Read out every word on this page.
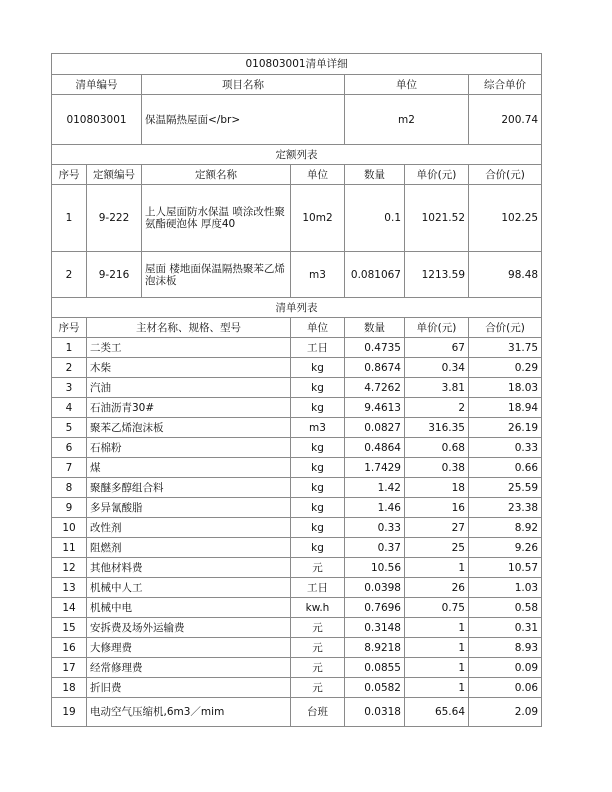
010803001清单详细						
清单编号		项目名称		单位		综合单价
010803001		保温隔热屋面</br>		m2		200.74
定额列表						
序号	定额编号	定额名称	单位	数量	单价(元)	合价(元)
1	9-222	上人屋面防水保温 喷涂改性聚氨酯硬泡体 厚度40	10m2	0.1	1021.52	102.25
2	9-216	屋面 楼地面保温隔热聚苯乙烯泡沫板	m3	0.081067	1213.59	98.48
清单列表						
序号	主材名称、规格、型号		单位	数量	单价(元)	合价(元)
1	二类工		工日	0.4735	67	31.75
2	木柴		kg	0.8674	0.34	0.29
3	汽油		kg	4.7262	3.81	18.03
4	石油沥青30#		kg	9.4613	2	18.94
5	聚苯乙烯泡沫板		m3	0.0827	316.35	26.19
6	石棉粉		kg	0.4864	0.68	0.33
7	煤		kg	1.7429	0.38	0.66
8	聚醚多醇组合料		kg	1.42	18	25.59
9	多异氰酸脂		kg	1.46	16	23.38
10	改性剂		kg	0.33	27	8.92
11	阻燃剂		kg	0.37	25	9.26
12	其他材料费		元	10.56	1	10.57
13	机械中人工		工日	0.0398	26	1.03
14	机械中电		kw.h	0.7696	0.75	0.58
15	安拆费及场外运输费		元	0.3148	1	0.31
16	大修理费		元	8.9218	1	8.93
17	经常修理费		元	0.0855	1	0.09
18	折旧费		元	0.0582	1	0.06
19	电动空气压缩机,6m3／mim		台班	0.0318	65.64	2.09
